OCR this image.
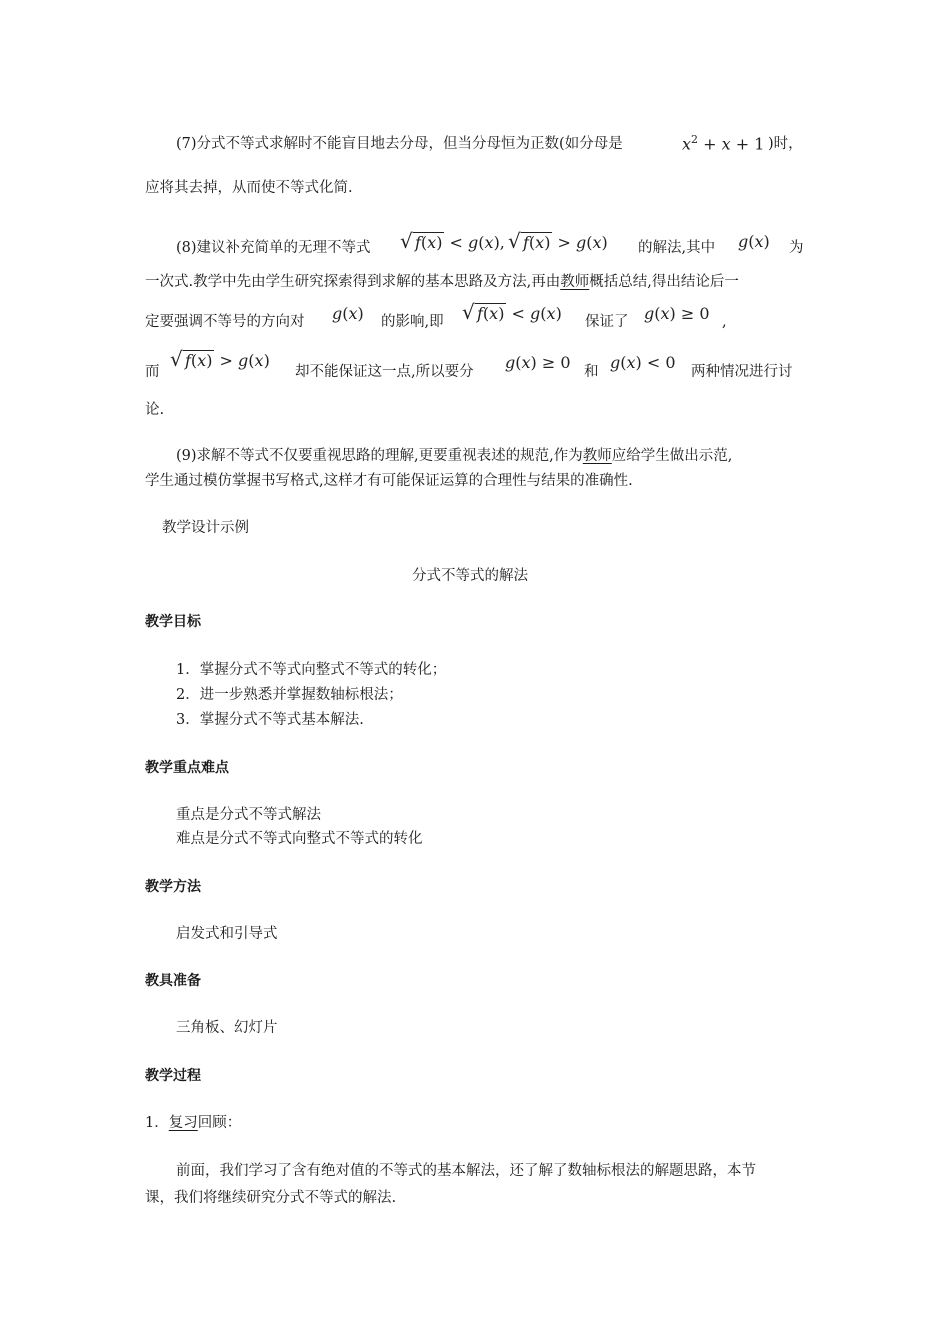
(7)分式不等式求解时不能盲目地去分母，但当分母恒为正数(如分母是	$x^2 + x + 1$ )时，
应将其去掉，从而使不等式化简.
(8)建议补充简单的无理不等式	√ f(x) < g(x), √ f(x) > g(x) 的解法,其中 g(x) 为
一次式.教学中先由学生研究探索得到求解的基本思路及方法,再由教师概括总结,得出结论后一
定要强调不等号的方向对 g(x) 的影响,即	√ f(x) < g(x) 保证了 g(x) ≥ 0 ,
而
√ f(x) > g(x)
却不能保证这一点,所以要分 g(x) ≥ 0 和 g(x) < 0 两种情况进行讨
论.
(9)求解不等式不仅要重视思路的理解,更要重视表述的规范,作为教师应给学生做出示范,
学生通过模仿掌握书写格式,这样才有可能保证运算的合理性与结果的准确性.
教学设计示例
分式不等式的解法
教学目标
1．掌握分式不等式向整式不等式的转化；
2．进一步熟悉并掌握数轴标根法；
3．掌握分式不等式基本解法.
教学重点难点
重点是分式不等式解法
难点是分式不等式向整式不等式的转化
教学方法
启发式和引导式
教具准备
三角板、幻灯片
教学过程
1．复习回顾：
前面，我们学习了含有绝对值的不等式的基本解法，还了解了数轴标根法的解题思路，本节
课，我们将继续研究分式不等式的解法.
